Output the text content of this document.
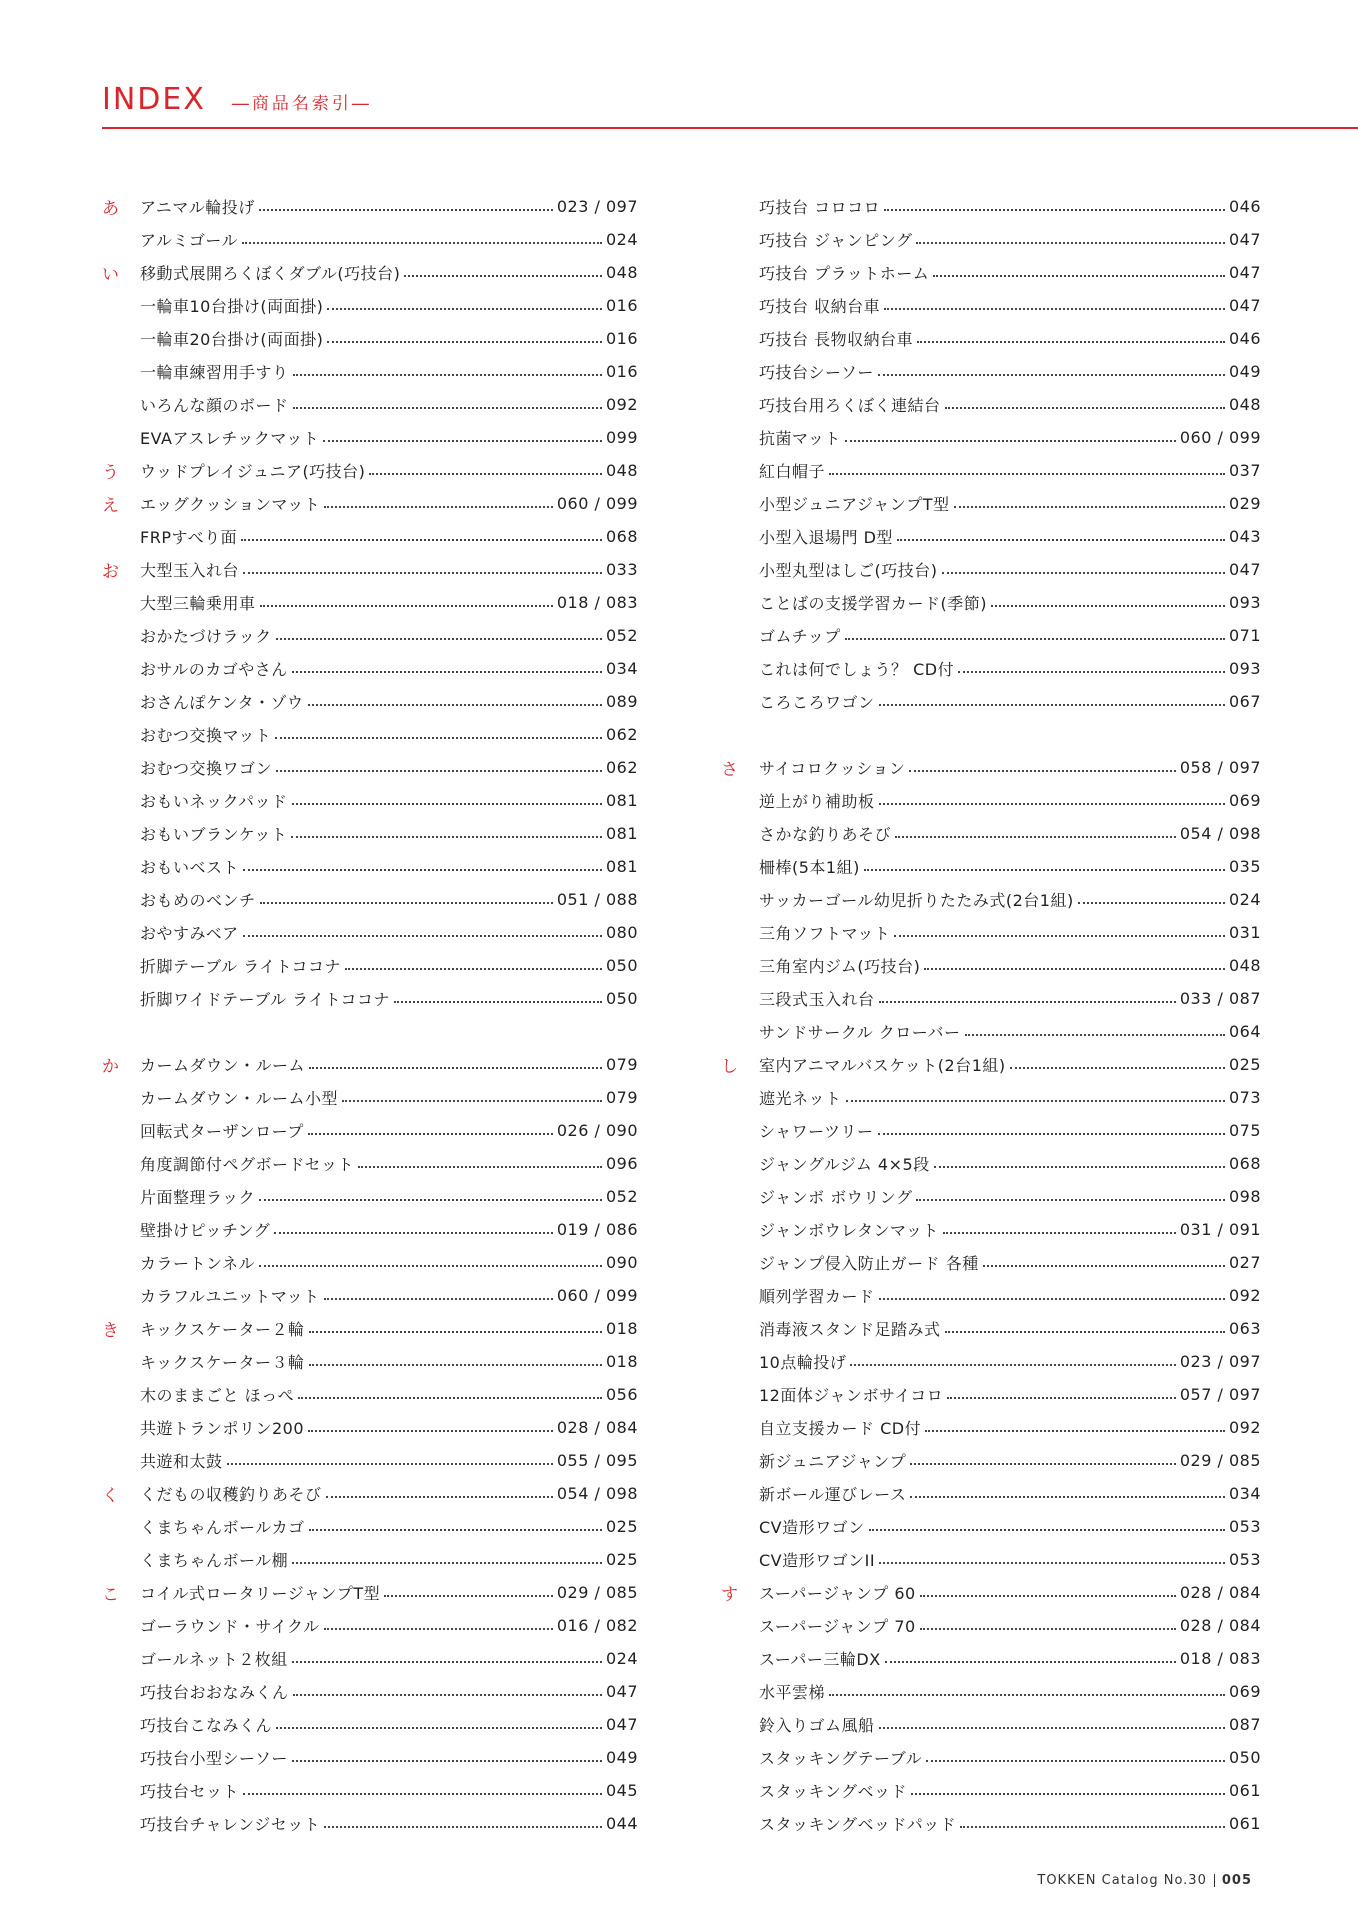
INDEX ―商品名索引―
あ	アニマル輪投げ	023 / 097
アルミゴール	024
い	移動式展開ろくぼくダブル(巧技台)	048
一輪車10台掛け(両面掛)	016
一輪車20台掛け(両面掛)	016
一輪車練習用手すり	016
いろんな顔のボード	092
EVAアスレチックマット	099
う	ウッドプレイジュニア(巧技台)	048
え	エッグクッションマット	060 / 099
FRPすべり面	068
お	大型玉入れ台	033
大型三輪乗用車	018 / 083
おかたづけラック	052
おサルのカゴやさん	034
おさんぽケンタ・ゾウ	089
おむつ交換マット	062
おむつ交換ワゴン	062
おもいネックパッド	081
おもいブランケット	081
おもいベスト	081
おもめのベンチ	051 / 088
おやすみベア	080
折脚テーブル ライトココナ	050
折脚ワイドテーブル ライトココナ	050
か	カームダウン・ルーム	079
カームダウン・ルーム小型	079
回転式ターザンロープ	026 / 090
角度調節付ペグボードセット	096
片面整理ラック	052
壁掛けピッチング	019 / 086
カラートンネル	090
カラフルユニットマット	060 / 099
き	キックスケーター２輪	018
キックスケーター３輪	018
木のままごと ほっぺ	056
共遊トランポリン200	028 / 084
共遊和太鼓	055 / 095
く	くだもの収穫釣りあそび	054 / 098
くまちゃんボールカゴ	025
くまちゃんボール棚	025
こ	コイル式ロータリージャンプT型	029 / 085
ゴーラウンド・サイクル	016 / 082
ゴールネット２枚組	024
巧技台おおなみくん	047
巧技台こなみくん	047
巧技台小型シーソー	049
巧技台セット	045
巧技台チャレンジセット	044
巧技台 コロコロ	046
巧技台 ジャンピング	047
巧技台 プラットホーム	047
巧技台 収納台車	047
巧技台 長物収納台車	046
巧技台シーソー	049
巧技台用ろくぼく連結台	048
抗菌マット	060 / 099
紅白帽子	037
小型ジュニアジャンプT型	029
小型入退場門 D型	043
小型丸型はしご(巧技台)	047
ことばの支援学習カード(季節)	093
ゴムチップ	071
これは何でしょう？ CD付	093
ころころワゴン	067
さ	サイコロクッション	058 / 097
逆上がり補助板	069
さかな釣りあそび	054 / 098
柵棒(5本1組)	035
サッカーゴール幼児折りたたみ式(2台1組)	024
三角ソフトマット	031
三角室内ジム(巧技台)	048
三段式玉入れ台	033 / 087
サンドサークル クローバー	064
し	室内アニマルバスケット(2台1組)	025
遮光ネット	073
シャワーツリー	075
ジャングルジム 4×5段	068
ジャンボ ボウリング	098
ジャンボウレタンマット	031 / 091
ジャンプ侵入防止ガード 各種	027
順列学習カード	092
消毒液スタンド足踏み式	063
10点輪投げ	023 / 097
12面体ジャンボサイコロ	057 / 097
自立支援カード CD付	092
新ジュニアジャンプ	029 / 085
新ボール運びレース	034
CV造形ワゴン	053
CV造形ワゴンII	053
す	スーパージャンプ 60	028 / 084
スーパージャンプ 70	028 / 084
スーパー三輪DX	018 / 083
水平雲梯	069
鈴入りゴム風船	087
スタッキングテーブル	050
スタッキングベッド	061
スタッキングベッドパッド	061
TOKKEN Catalog No.30 005
